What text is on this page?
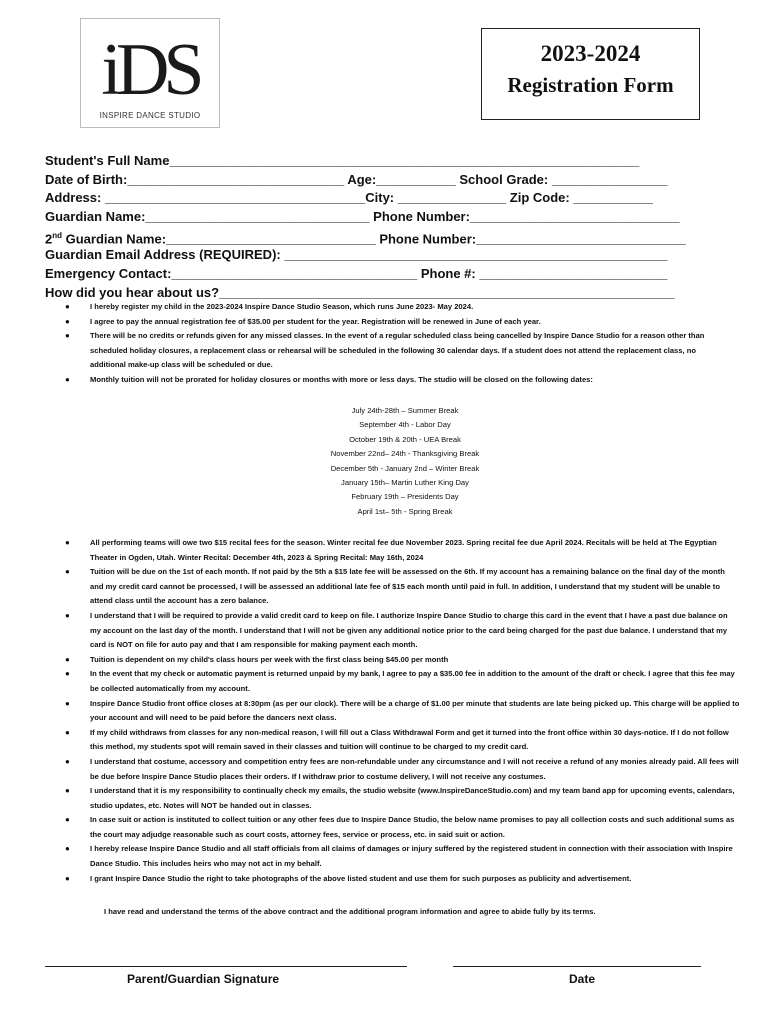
iDS
INSPIRE DANCE STUDIO
2023-2024
Registration Form
Student's Full Name_________________________________________________________________
Date of Birth:______________________________ Age:___________ School Grade: ________________
Address: ____________________________________City: _______________ Zip Code: ___________
Guardian Name:_______________________________ Phone Number:_____________________________
2nd Guardian Name:_____________________________ Phone Number:_____________________________
Guardian Email Address (REQUIRED): _____________________________________________________
Emergency Contact:__________________________________ Phone #: __________________________
How did you hear about us?_______________________________________________________________
●	I hereby register my child in the 2023-2024 Inspire Dance Studio Season, which runs June 2023- May 2024.
●	I agree to pay the annual registration fee of $35.00 per student for the year. Registration will be renewed in June of each year.
●	There will be no credits or refunds given for any missed classes. In the event of a regular scheduled class being cancelled by Inspire Dance Studio for a reason other than scheduled holiday closures, a replacement class or rehearsal will be scheduled in the following 30 calendar days. If a student does not attend the replacement class, no additional make-up class will be scheduled or due.
●	Monthly tuition will not be prorated for holiday closures or months with more or less days. The studio will be closed on the following dates:
July 24th-28th – Summer Break
September 4th - Labor Day
October 19th & 20th - UEA Break
November 22nd– 24th - Thanksgiving Break
December 5th - January 2nd – Winter Break
January 15th– Martin Luther King Day
February 19th – Presidents Day
April 1st– 5th - Spring Break
●	All performing teams will owe two $15 recital fees for the season. Winter recital fee due November 2023. Spring recital fee due April 2024. Recitals will be held at The Egyptian Theater in Ogden, Utah. Winter Recital: December 4th, 2023 & Spring Recital: May 16th, 2024
●	Tuition will be due on the 1st of each month. If not paid by the 5th a $15 late fee will be assessed on the 6th. If my account has a remaining balance on the final day of the month and my credit card cannot be processed, I will be assessed an additional late fee of $15 each month until paid in full. In addition, I understand that my student will be unable to attend class until the account has a zero balance.
●	I understand that I will be required to provide a valid credit card to keep on file. I authorize Inspire Dance Studio to charge this card in the event that I have a past due balance on my account on the last day of the month. I understand that I will not be given any additional notice prior to the card being charged for the past due balance. I understand that my card is NOT on file for auto pay and that I am responsible for making payment each month.
●	Tuition is dependent on my child's class hours per week with the first class being $45.00 per month
●	In the event that my check or automatic payment is returned unpaid by my bank, I agree to pay a $35.00 fee in addition to the amount of the draft or check. I agree that this fee may be collected automatically from my account.
●	Inspire Dance Studio front office closes at 8:30pm (as per our clock). There will be a charge of $1.00 per minute that students are late being picked up. This charge will be applied to your account and will need to be paid before the dancers next class.
●	If my child withdraws from classes for any non-medical reason, I will fill out a Class Withdrawal Form and get it turned into the front office within 30 days-notice. If I do not follow this method, my students spot will remain saved in their classes and tuition will continue to be charged to my credit card.
●	I understand that costume, accessory and competition entry fees are non-refundable under any circumstance and I will not receive a refund of any monies already paid. All fees will be due before Inspire Dance Studio places their orders. If I withdraw prior to costume delivery, I will not receive any costumes.
●	I understand that it is my responsibility to continually check my emails, the studio website (www.InspireDanceStudio.com) and my team band app for upcoming events, calendars, studio updates, etc. Notes will NOT be handed out in classes.
●	In case suit or action is instituted to collect tuition or any other fees due to Inspire Dance Studio, the below name promises to pay all collection costs and such additional sums as the court may adjudge reasonable such as court costs, attorney fees, service or process, etc. in said suit or action.
●	I hereby release Inspire Dance Studio and all staff officials from all claims of damages or injury suffered by the registered student in connection with their association with Inspire Dance Studio. This includes heirs who may not act in my behalf.
●	I grant Inspire Dance Studio the right to take photographs of the above listed student and use them for such purposes as publicity and advertisement.
I have read and understand the terms of the above contract and the additional program information and agree to abide fully by its terms.
Parent/Guardian Signature	Date
